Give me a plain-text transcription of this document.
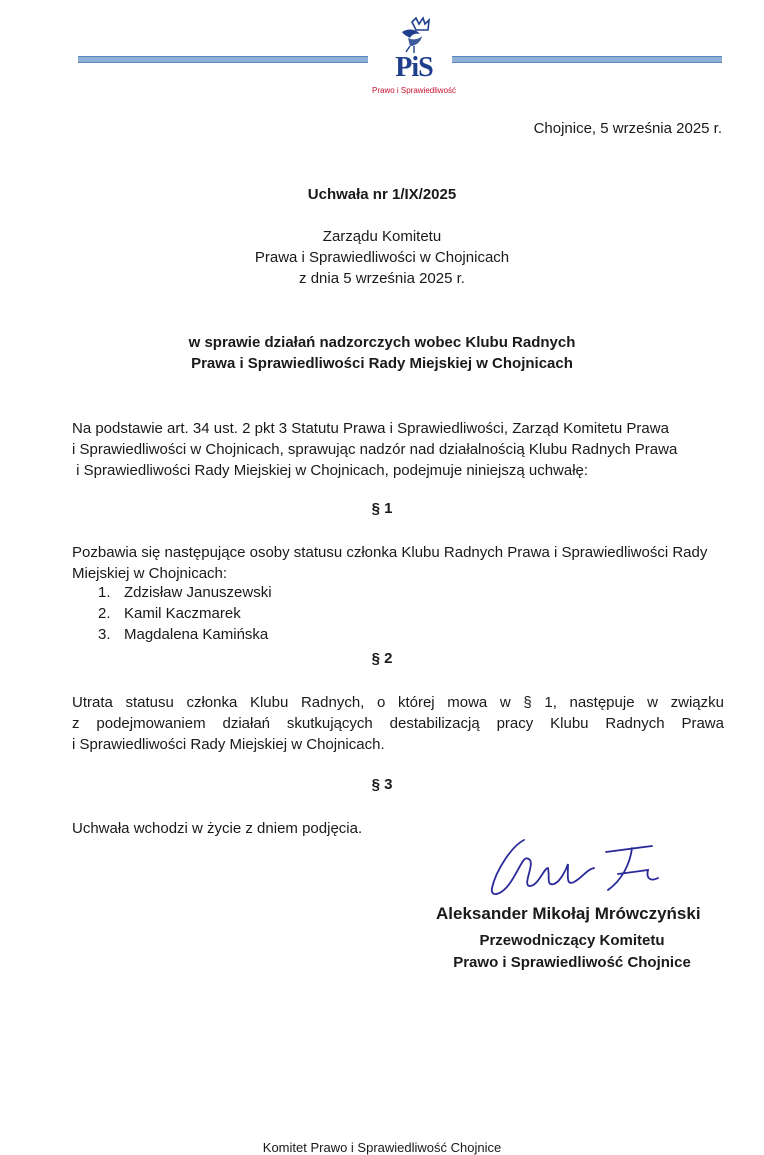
PiS
Prawo i Sprawiedliwość
Chojnice, 5 września 2025 r.
Uchwała nr 1/IX/2025
Zarządu Komitetu
Prawa i Sprawiedliwości w Chojnicach
z dnia 5 września 2025 r.
w sprawie działań nadzorczych wobec Klubu Radnych
Prawa i Sprawiedliwości Rady Miejskiej w Chojnicach
Na podstawie art. 34 ust. 2 pkt 3 Statutu Prawa i Sprawiedliwości, Zarząd Komitetu Prawa
i Sprawiedliwości w Chojnicach, sprawując nadzór nad działalnością Klubu Radnych Prawa
i Sprawiedliwości Rady Miejskiej w Chojnicach, podejmuje niniejszą uchwałę:
§ 1
Pozbawia się następujące osoby statusu członka Klubu Radnych Prawa i Sprawiedliwości Rady
Miejskiej w Chojnicach:
1. Zdzisław Januszewski
2. Kamil Kaczmarek
3. Magdalena Kamińska
§ 2
Utrata statusu członka Klubu Radnych, o której mowa w § 1, następuje w związku
z podejmowaniem działań skutkujących destabilizacją pracy Klubu Radnych Prawa
i Sprawiedliwości Rady Miejskiej w Chojnicach.
§ 3
Uchwała wchodzi w życie z dniem podjęcia.
Aleksander Mikołaj Mrówczyński
Przewodniczący Komitetu
Prawo i Sprawiedliwość Chojnice
Komitet Prawo i Sprawiedliwość Chojnice
